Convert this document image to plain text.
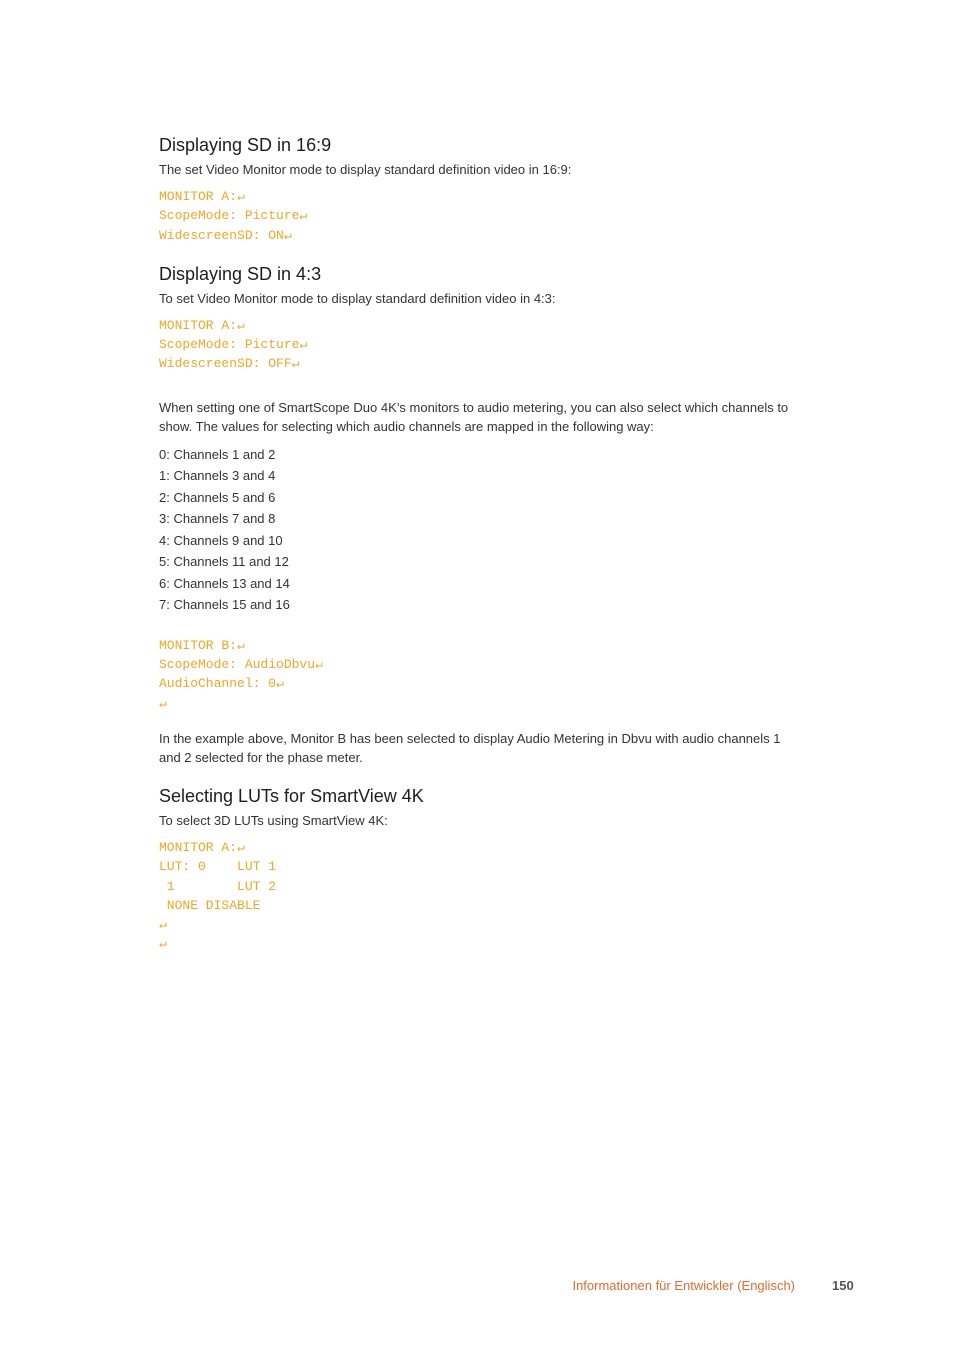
Displaying SD in 16:9

The set Video Monitor mode to display standard definition video in 16:9:

MONITOR A:↵
ScopeMode: Picture↵
WidescreenSD: ON↵
Displaying SD in 4:3

To set Video Monitor mode to display standard definition video in 4:3:

MONITOR A:↵
ScopeMode: Picture↵
WidescreenSD: OFF↵

When setting one of SmartScope Duo 4K’s monitors to audio metering, you can also select which channels to show. The values for selecting which audio channels are mapped in the following way:

0: Channels 1 and 2
1: Channels 3 and 4
2: Channels 5 and 6
3: Channels 7 and 8
4: Channels 9 and 10
5: Channels 11 and 12
6: Channels 13 and 14
7: Channels 15 and 16
MONITOR B:↵
ScopeMode: AudioDbvu↵
AudioChannel: 0↵
↵

In the example above, Monitor B has been selected to display Audio Metering in Dbvu with audio channels 1 and 2 selected for the phase meter.

Selecting LUTs for SmartView 4K

To select 3D LUTs using SmartView 4K:

MONITOR A:↵
LUT: 0    LUT 1
1        LUT 2
NONE DISABLE
↵
↵
Informationen für Entwickler (Englisch)	150
